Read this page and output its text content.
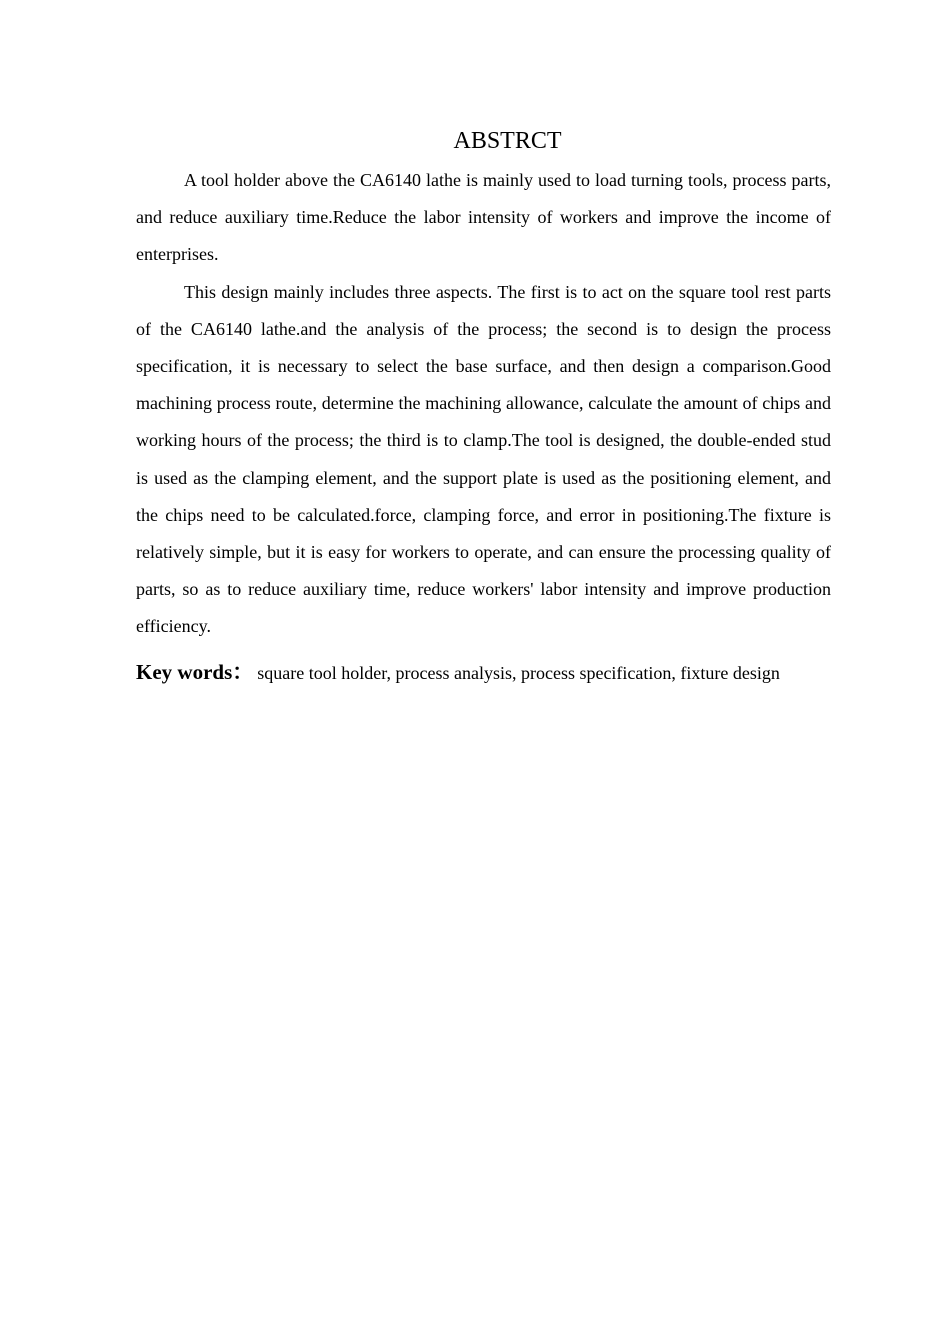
ABSTRCT

A tool holder above the CA6140 lathe is mainly used to load turning tools, process parts, and reduce auxiliary time.Reduce the labor intensity of workers and improve the income of enterprises.

This design mainly includes three aspects. The first is to act on the square tool rest parts of the CA6140 lathe.and the analysis of the process; the second is to design the process specification, it is necessary to select the base surface, and then design a comparison.Good machining process route, determine the machining allowance, calculate the amount of chips and working hours of the process; the third is to clamp.The tool is designed, the double-ended stud is used as the clamping element, and the support plate is used as the positioning element, and the chips need to be calculated.force, clamping force, and error in positioning.The fixture is relatively simple, but it is easy for workers to operate, and can ensure the processing quality of parts, so as to reduce auxiliary time, reduce workers' labor intensity and improve production efficiency.

Key words： square tool holder, process analysis, process specification, fixture design
